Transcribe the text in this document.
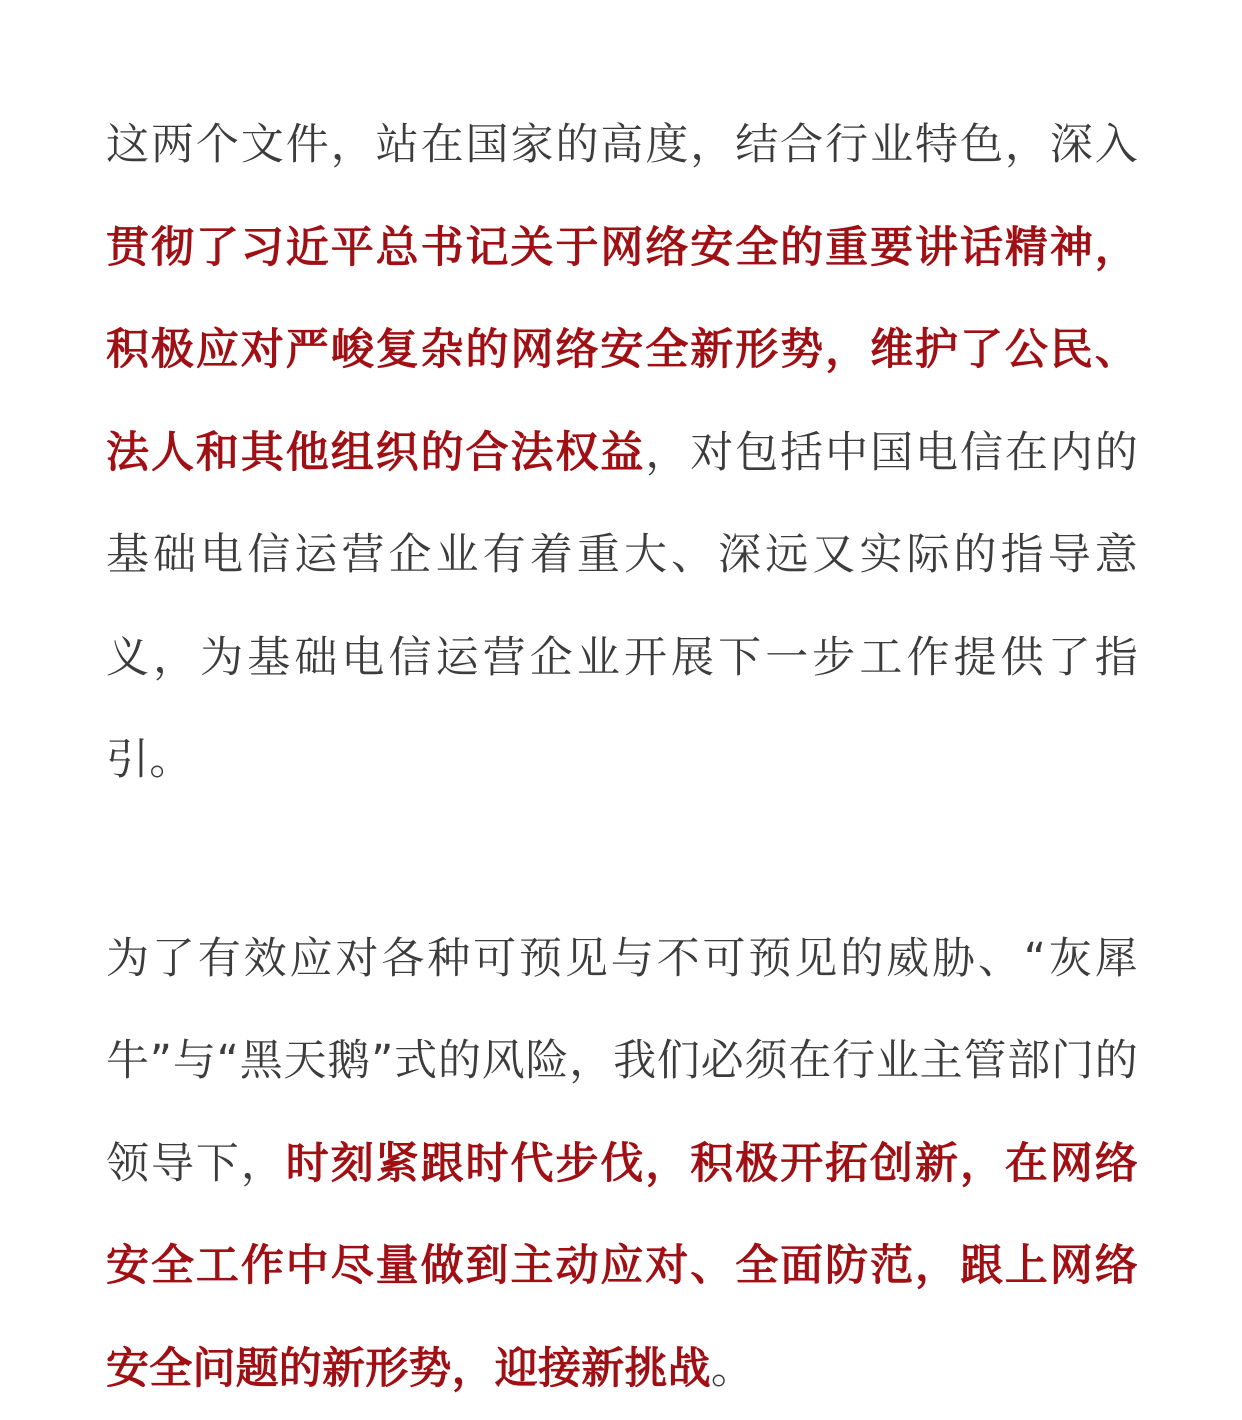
这两个文件，站在国家的高度，结合行业特色，深入贯彻了习近平总书记关于网络安全的重要讲话精神，积极应对严峻复杂的网络安全新形势，维护了公民、法人和其他组织的合法权益，对包括中国电信在内的基础电信运营企业有着重大、深远又实际的指导意义，为基础电信运营企业开展下一步工作提供了指引。

为了有效应对各种可预见与不可预见的威胁、“灰犀牛”与“黑天鹅”式的风险，我们必须在行业主管部门的领导下，时刻紧跟时代步伐，积极开拓创新，在网络安全工作中尽量做到主动应对、全面防范，跟上网络安全问题的新形势，迎接新挑战。
